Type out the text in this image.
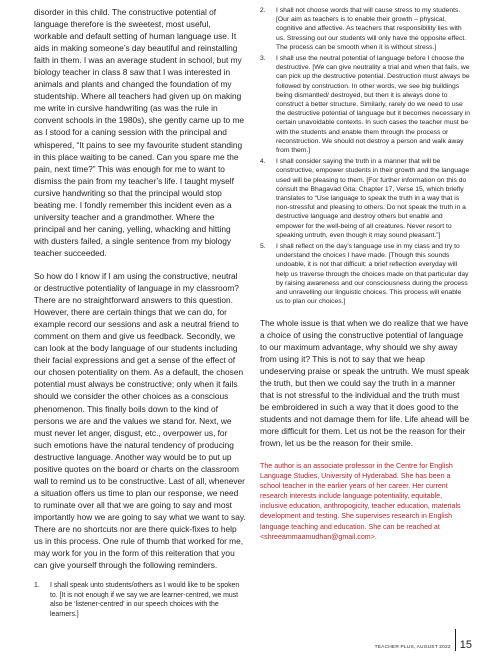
disorder in this child. The constructive potential of language therefore is the sweetest, most useful, workable and default setting of human language use. It aids in making someone’s day beautiful and reinstalling faith in them. I was an average student in school, but my biology teacher in class 8 saw that I was interested in animals and plants and changed the foundation of my studentship. Where all teachers had given up on making me write in cursive handwriting (as was the rule in convent schools in the 1980s), she gently came up to me as I stood for a caning session with the principal and whispered, “It pains to see my favourite student standing in this place waiting to be caned. Can you spare me the pain, next time?” This was enough for me to want to dismiss the pain from my teacher’s life. I taught myself cursive handwriting so that the principal would stop beating me. I fondly remember this incident even as a university teacher and a grandmother. Where the principal and her caning, yelling, whacking and hitting with dusters failed, a single sentence from my biology teacher succeeded.

So how do I know if I am using the constructive, neutral or destructive potentiality of language in my classroom? There are no straightforward answers to this question. However, there are certain things that we can do, for example record our sessions and ask a neutral friend to comment on them and give us feedback. Secondly, we can look at the body language of our students including their facial expressions and get a sense of the effect of our chosen potentiality on them. As a default, the chosen potential must always be constructive; only when it fails should we consider the other choices as a conscious phenomenon. This finally boils down to the kind of persons we are and the values we stand for. Next, we must never let anger, disgust, etc., overpower us, for such emotions have the natural tendency of producing destructive language. Another way would be to put up positive quotes on the board or charts on the classroom wall to remind us to be constructive. Last of all, whenever a situation offers us time to plan our response, we need to ruminate over all that we are going to say and most importantly how we are going to say what we want to say. There are no shortcuts nor are there quick-fixes to help us in this process. One rule of thumb that worked for me, may work for you in the form of this reiteration that you can give yourself through the following reminders.

1. I shall speak unto students/others as I would like to be spoken to. [It is not enough if we say we are learner-centred, we must also be ‘listener-centred’ in our speech choices with the learners.]
2. I shall not choose words that will cause stress to my students. [Our aim as teachers is to enable their growth – physical, cognitive and affective. As teachers that responsibility lies with us. Stressing out our students will only have the opposite effect. The process can be smooth when it is without stress.]
3. I shall use the neutral potential of language before I choose the destructive. [We can give neutrality a trial and when that fails, we can pick up the destructive potential. Destruction must always be followed by construction. In other words, we see big buildings being dismantled/ destroyed, but then it is always done to construct a better structure. Similarly, rarely do we need to use the destructive potential of language but it becomes necessary in certain unavoidable contexts. In such cases the teacher must be with the students and enable them through the process or reconstruction. We should not destroy a person and walk away from them.]
4. I shall consider saying the truth in a manner that will be constructive, empower students in their growth and the language used will be pleasing to them. [For further information on this do consult the Bhagavad Gita: Chapter 17, Verse 15, which briefly translates to “Use language to speak the truth in a way that is non-stressful and pleasing to others. Do not speak the truth in a destructive language and destroy others but enable and empower for the well-being of all creatures. Never resort to speaking untruth, even though it may sound pleasant.”]
5. I shall reflect on the day’s language use in my class and try to understand the choices I have made. [Though this sounds undoable, it is not that difficult: a brief reflection everyday will help us traverse through the choices made on that particular day by raising awareness and our consciousness during the process and unravelling our linguistic choices. This process will enable us to plan our choices.]

The whole issue is that when we do realize that we have a choice of using the constructive potential of language to our maximum advantage, why should we shy away from using it? This is not to say that we heap undeserving praise or speak the untruth. We must speak the truth, but then we could say the truth in a manner that is not stressful to the individual and the truth must be embroidered in such a way that it does good to the students and not damage them for life. Life ahead will be more difficult for them. Let us not be the reason for their frown, let us be the reason for their smile.

The author is an associate professor in the Centre for English Language Studies, University of Hyderabad. She has been a school teacher in the earlier years of her career. Her current research interests include language potentiality, equitable, inclusive education, anthropogicity, teacher education, materials development and testing. She supervises research in English language teaching and education. She can be reached at <shreeammaamudhan@gmail.com>.

TEACHER PLUS, AUGUST 2022 15
